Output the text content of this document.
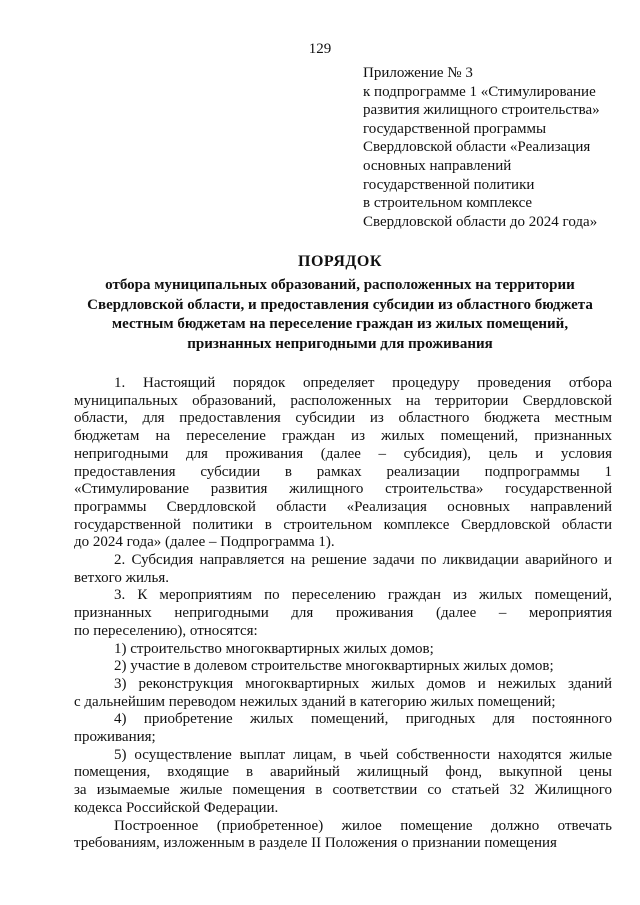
129
Приложение № 3
к подпрограмме 1 «Стимулирование
развития жилищного строительства»
государственной программы
Свердловской области «Реализация
основных направлений
государственной политики
в строительном комплексе
Свердловской области до 2024 года»
ПОРЯДОК
отбора муниципальных образований, расположенных на территории
Свердловской области, и предоставления субсидии из областного бюджета
местным бюджетам на переселение граждан из жилых помещений,
признанных непригодными для проживания
1. Настоящий порядок определяет процедуру проведения отбора
муниципальных образований, расположенных на территории Свердловской
области, для предоставления субсидии из областного бюджета местным
бюджетам на переселение граждан из жилых помещений, признанных
непригодными для проживания (далее – субсидия), цель и условия
предоставления субсидии в рамках реализации подпрограммы 1
«Стимулирование развития жилищного строительства» государственной
программы Свердловской области «Реализация основных направлений
государственной политики в строительном комплексе Свердловской области
до 2024 года» (далее – Подпрограмма 1).
2. Субсидия направляется на решение задачи по ликвидации аварийного и
ветхого жилья.
3. К мероприятиям по переселению граждан из жилых помещений,
признанных непригодными для проживания (далее – мероприятия
по переселению), относятся:
1) строительство многоквартирных жилых домов;
2) участие в долевом строительстве многоквартирных жилых домов;
3) реконструкция многоквартирных жилых домов и нежилых зданий
с дальнейшим переводом нежилых зданий в категорию жилых помещений;
4) приобретение жилых помещений, пригодных для постоянного
проживания;
5) осуществление выплат лицам, в чьей собственности находятся жилые
помещения, входящие в аварийный жилищный фонд, выкупной цены
за изымаемые жилые помещения в соответствии со статьей 32 Жилищного
кодекса Российской Федерации.
Построенное (приобретенное) жилое помещение должно отвечать
требованиям, изложенным в разделе II Положения о признании помещения
